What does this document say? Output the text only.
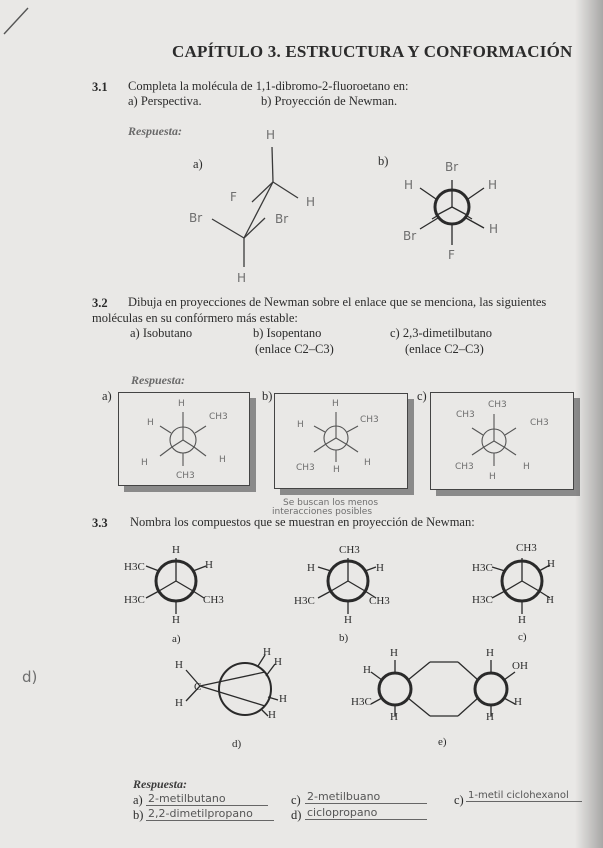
CAPÍTULO 3. ESTRUCTURA Y CONFORMACIÓN
3.1 Completa la molécula de 1,1-dibromo-2-fluoroetano en:
a) Perspectiva.	b) Proyección de Newman.
Respuesta:
a)	b)
H
F	H
Br	Br
H
Br
H	H
H
Br
F
3.2 Dibuja en proyecciones de Newman sobre el enlace que se menciona, las siguientes
moléculas en su confórmero más estable:
a) Isobutano	b) Isopentano
(enlace C2–C3)
c) 2,3-dimetilbutano
(enlace C2–C3)
Respuesta:
a)	b)	c)
H
CH3
H
H
CH3
H
H
CH3
H
H
CH3	H
CH3
CH3
CH3
CH3	H
H
Se buscan los menos
interacciones posibles
3.3 Nombra los compuestos que se muestran en proyección de Newman:
H
H3C	H
H3C	CH3
H
a)
CH3
H	H
H3C	CH3
H
b)
CH3
H3C	H
H3C	H
H
c)
H
H
H
H
H
H
C
d)
H
H
H
OH
H
H
H3C
H
e)
d)
Respuesta:
a) 2-metilbutano
b) 2,2-dimetilpropano
c) 2-metilbuano
d) ciclopropano
c) 1-metil ciclohexanol
